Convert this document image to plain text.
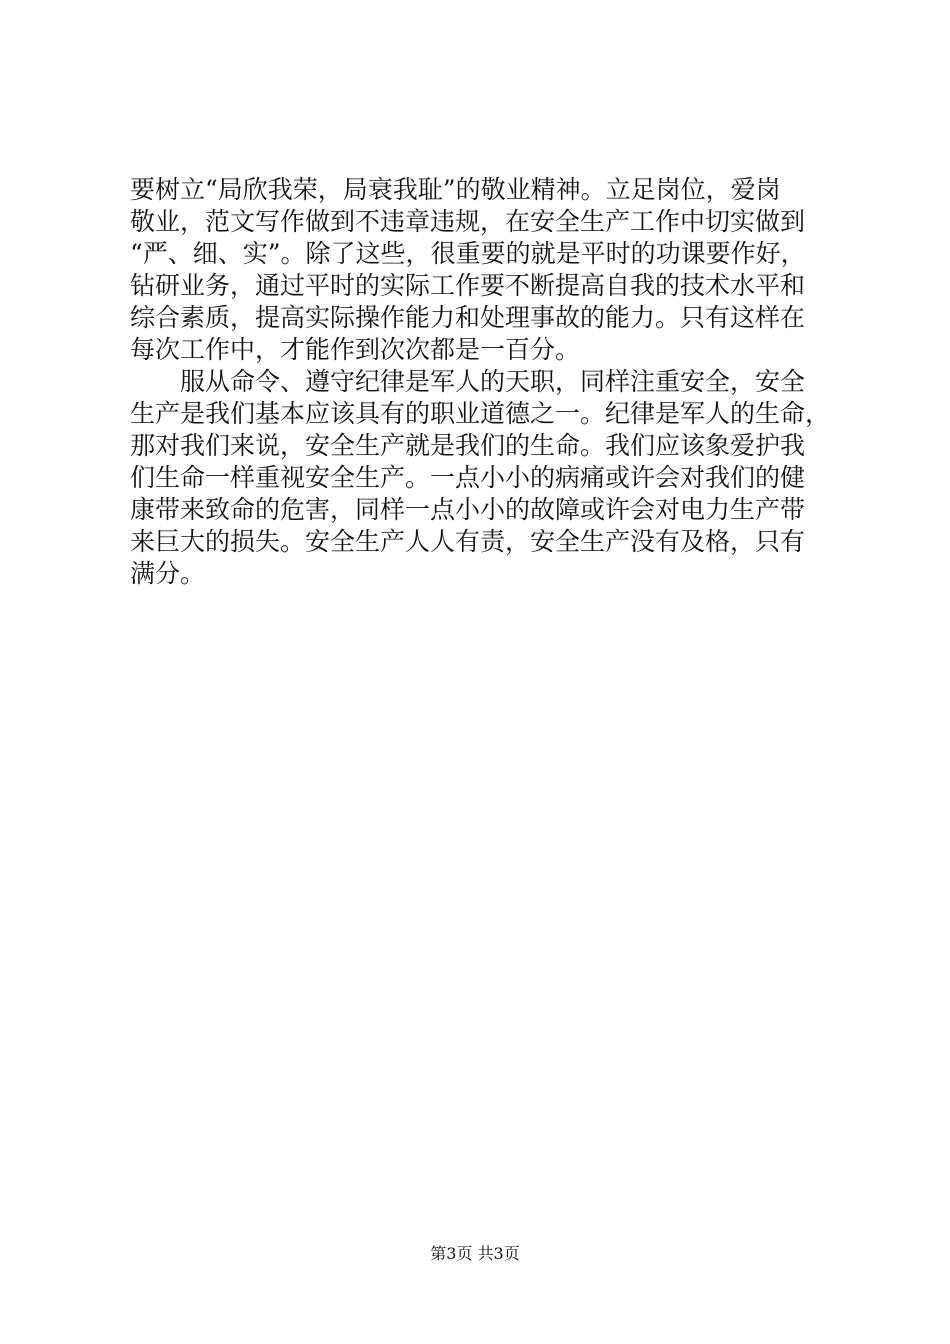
要树立“局欣我荣，局衰我耻”的敬业精神。立足岗位，爱岗
敬业，范文写作做到不违章违规，在安全生产工作中切实做到
“严、细、实”。除了这些，很重要的就是平时的功课要作好，
钻研业务，通过平时的实际工作要不断提高自我的技术水平和
综合素质，提高实际操作能力和处理事故的能力。只有这样在
每次工作中，才能作到次次都是一百分。
服从命令、遵守纪律是军人的天职，同样注重安全，安全
生产是我们基本应该具有的职业道德之一。纪律是军人的生命，
那对我们来说，安全生产就是我们的生命。我们应该象爱护我
们生命一样重视安全生产。一点小小的病痛或许会对我们的健
康带来致命的危害，同样一点小小的故障或许会对电力生产带
来巨大的损失。安全生产人人有责，安全生产没有及格，只有
满分。
第3页 共3页
